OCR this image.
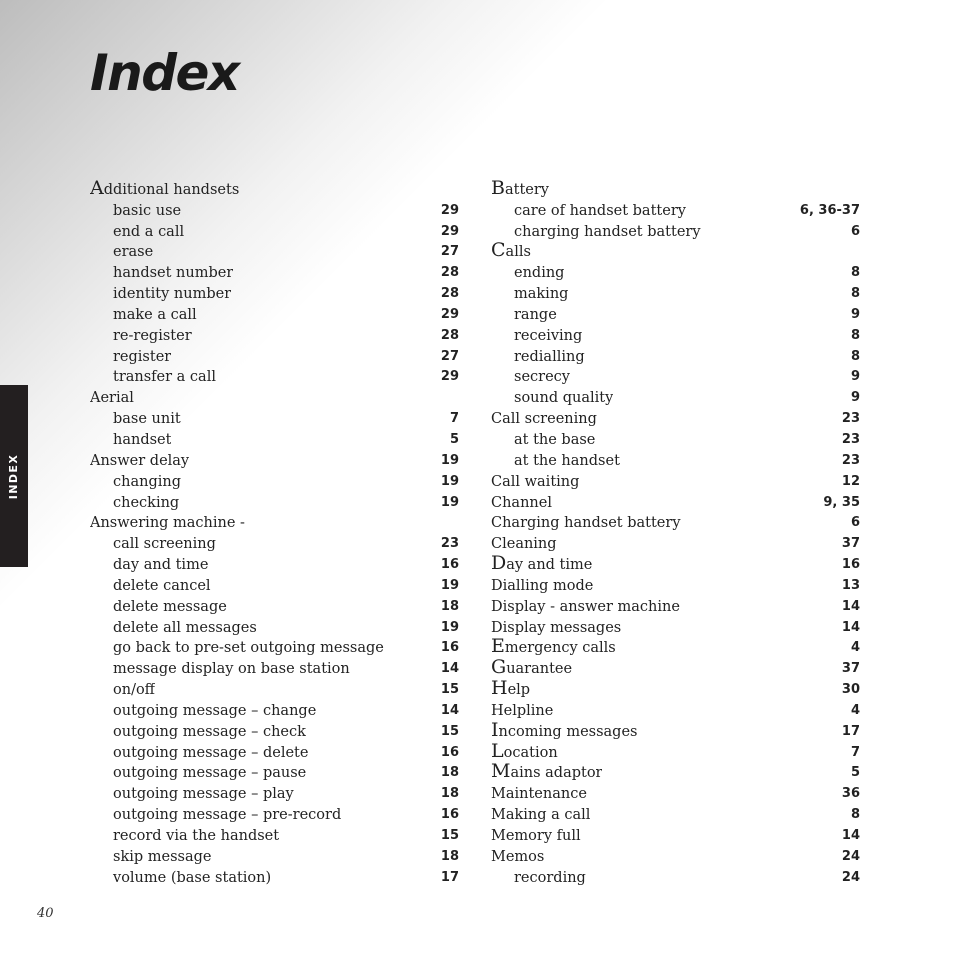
Index
INDEX
Additional handsets
basic use	29
end a call	29
erase	27
handset number	28
identity number	28
make a call	29
re-register	28
register	27
transfer a call	29
Aerial
base unit	7
handset	5
Answer delay	19
changing	19
checking	19
Answering machine -
call screening	23
day and time	16
delete cancel	19
delete message	18
delete all messages	19
go back to pre-set outgoing message	16
message display on base station	14
on/off	15
outgoing message – change	14
outgoing message – check	15
outgoing message – delete	16
outgoing message – pause	18
outgoing message – play	18
outgoing message – pre-record	16
record via the handset	15
skip message	18
volume (base station)	17
Battery
care of handset battery	6, 36-37
charging handset battery	6
Calls
ending	8
making	8
range	9
receiving	8
redialling	8
secrecy	9
sound quality	9
Call screening	23
at the base	23
at the handset	23
Call waiting	12
Channel	9, 35
Charging handset battery	6
Cleaning	37
Day and time	16
Dialling mode	13
Display - answer machine	14
Display messages	14
Emergency calls	4
Guarantee	37
Help	30
Helpline	4
Incoming messages	17
Location	7
Mains adaptor	5
Maintenance	36
Making a call	8
Memory full	14
Memos	24
recording	24

40
